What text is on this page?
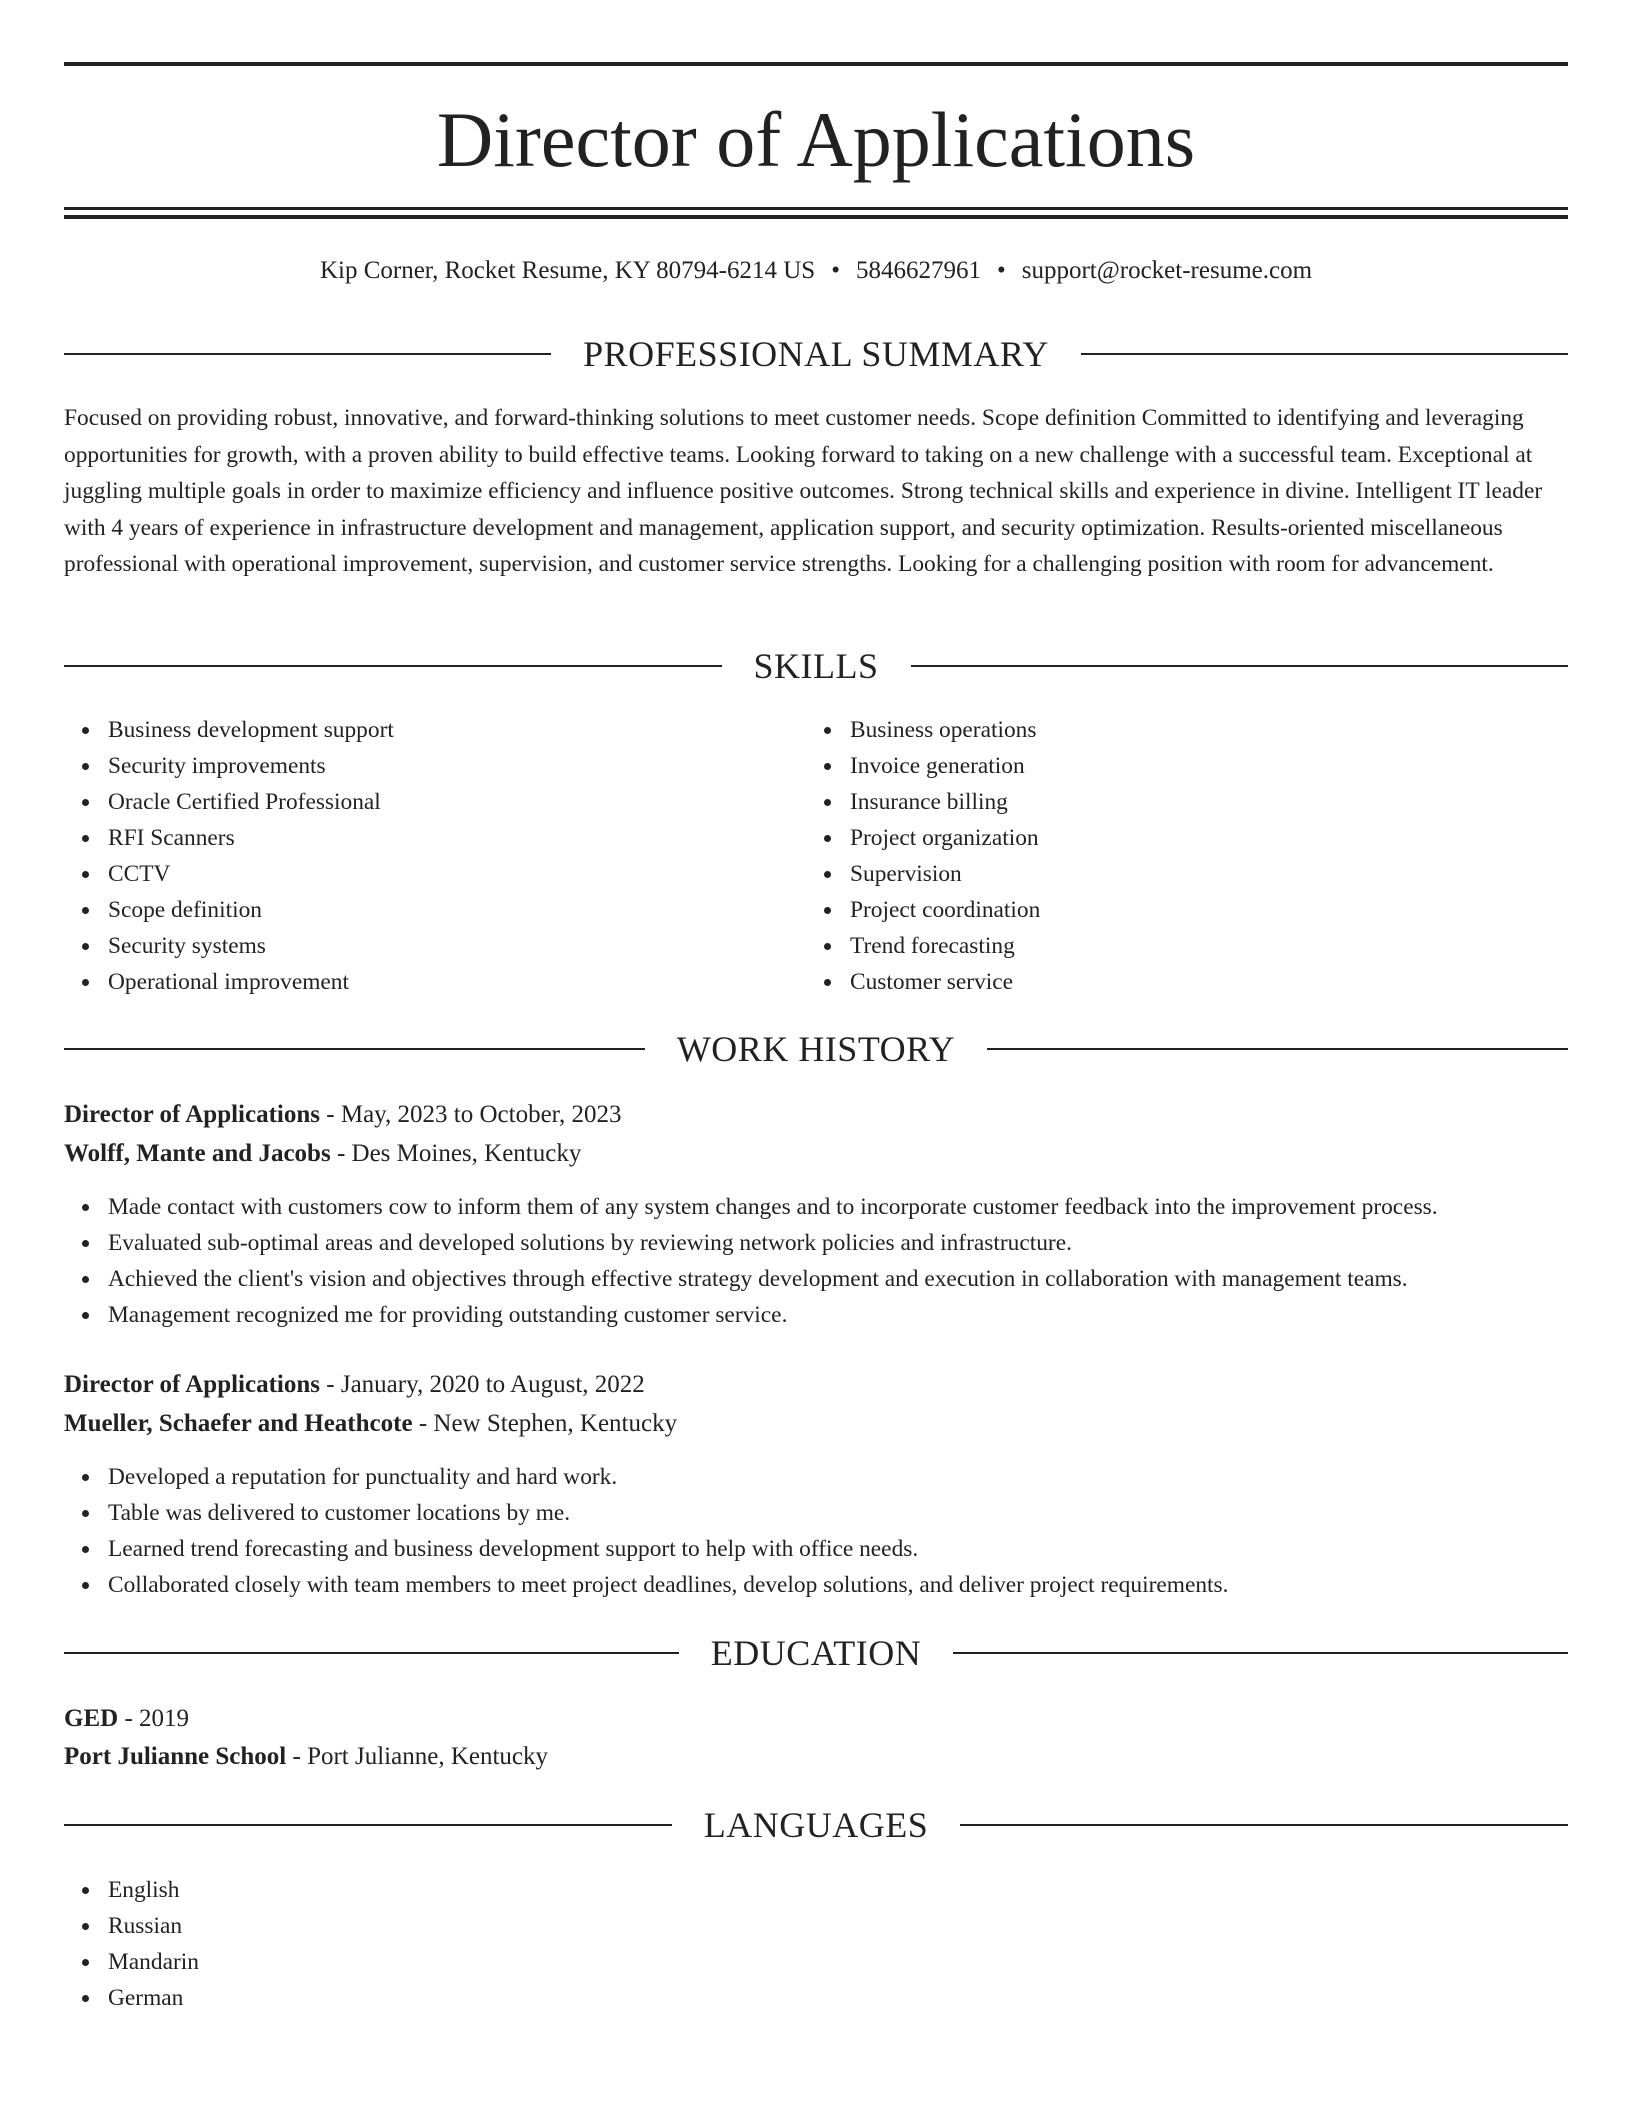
Director of Applications
Kip Corner, Rocket Resume, KY 80794-6214 US • 5846627961 • support@rocket-resume.com
PROFESSIONAL SUMMARY

Focused on providing robust, innovative, and forward-thinking solutions to meet customer needs. Scope definition Committed to identifying and leveraging opportunities for growth, with a proven ability to build effective teams. Looking forward to taking on a new challenge with a successful team. Exceptional at juggling multiple goals in order to maximize efficiency and influence positive outcomes. Strong technical skills and experience in divine. Intelligent IT leader with 4 years of experience in infrastructure development and management, application support, and security optimization. Results-oriented miscellaneous professional with operational improvement, supervision, and customer service strengths. Looking for a challenging position with room for advancement.

SKILLS
Business development support
Security improvements
Oracle Certified Professional
RFI Scanners
CCTV
Scope definition
Security systems
Operational improvement
Business operations
Invoice generation
Insurance billing
Project organization
Supervision
Project coordination
Trend forecasting
Customer service
WORK HISTORY
Director of Applications - May, 2023 to October, 2023
Wolff, Mante and Jacobs - Des Moines, Kentucky
Made contact with customers cow to inform them of any system changes and to incorporate customer feedback into the improvement process.
Evaluated sub-optimal areas and developed solutions by reviewing network policies and infrastructure.
Achieved the client's vision and objectives through effective strategy development and execution in collaboration with management teams.
Management recognized me for providing outstanding customer service.
Director of Applications - January, 2020 to August, 2022
Mueller, Schaefer and Heathcote - New Stephen, Kentucky
Developed a reputation for punctuality and hard work.
Table was delivered to customer locations by me.
Learned trend forecasting and business development support to help with office needs.
Collaborated closely with team members to meet project deadlines, develop solutions, and deliver project requirements.
EDUCATION
GED - 2019
Port Julianne School - Port Julianne, Kentucky
LANGUAGES
English
Russian
Mandarin
German
